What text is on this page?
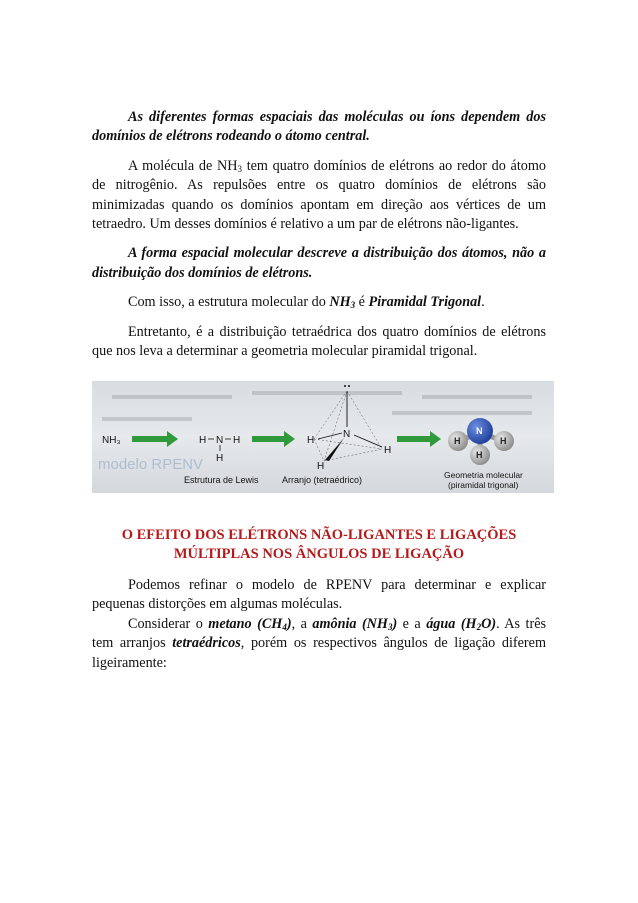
As diferentes formas espaciais das moléculas ou íons dependem dos domínios de elétrons rodeando o átomo central.

A molécula de $NH_3$ tem quatro domínios de elétrons ao redor do átomo de nitrogênio. As repulsões entre os quatro domínios de elétrons são minimizadas quando os domínios apontam em direção aos vértices de um tetraedro. Um desses domínios é relativo a um par de elétrons não-ligantes.

A forma espacial molecular descreve a distribuição dos átomos, não a distribuição dos domínios de elétrons.

Com isso, a estrutura molecular do $NH_3$ é Piramidal Trigonal.

Entretanto, é a distribuição tetraédrica dos quatro domínios de elétrons que nos leva a determinar a geometria molecular piramidal trigonal.

modelo RPENV
NH₃	H N H
H
Estrutura de Lewis
N
H
H
H
Arranjo (tetraédrico)
N
H	H
H
Geometria molecular
(piramidal trigonal)
O EFEITO DOS ELÉTRONS NÃO-LIGANTES E LIGAÇÕES
MÚLTIPLAS NOS ÂNGULOS DE LIGAÇÃO

Podemos refinar o modelo de RPENV para determinar e explicar pequenas distorções em algumas moléculas.

Considerar o metano $(CH_4)$, a amônia $(NH_3)$ e a água $(H_2O)$. As três tem arranjos tetraédricos, porém os respectivos ângulos de ligação diferem ligeiramente:
